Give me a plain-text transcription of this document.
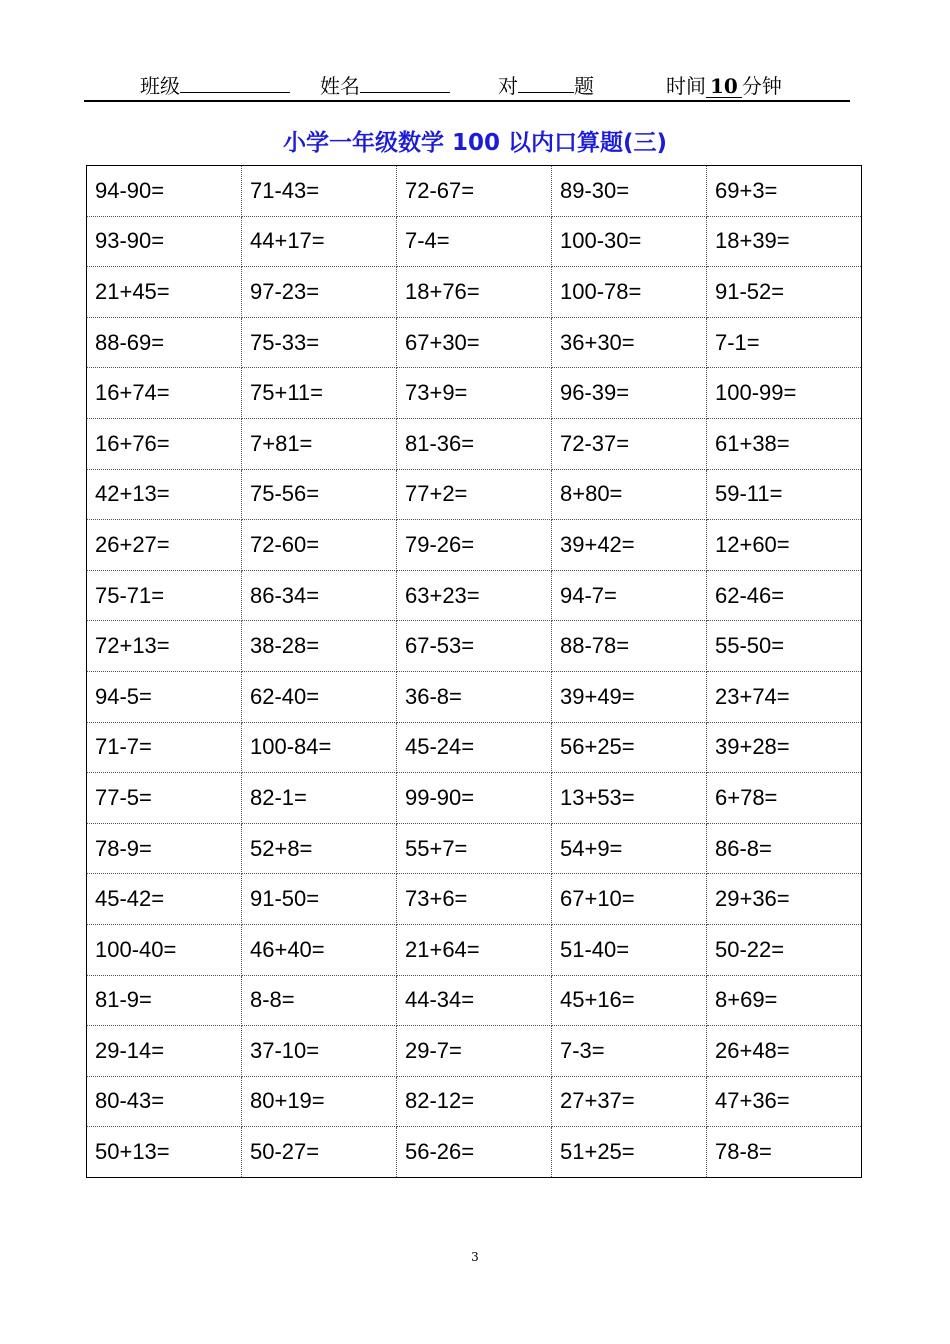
班级	姓名	对	题	时间 10 分钟
小学一年级数学 100 以内口算题(三)
94-90=	71-43=	72-67=	89-30=	69+3=
93-90=	44+17=	7-4=	100-30=	18+39=
21+45=	97-23=	18+76=	100-78=	91-52=
88-69=	75-33=	67+30=	36+30=	7-1=
16+74=	75+11=	73+9=	96-39=	100-99=
16+76=	7+81=	81-36=	72-37=	61+38=
42+13=	75-56=	77+2=	8+80=	59-11=
26+27=	72-60=	79-26=	39+42=	12+60=
75-71=	86-34=	63+23=	94-7=	62-46=
72+13=	38-28=	67-53=	88-78=	55-50=
94-5=	62-40=	36-8=	39+49=	23+74=
71-7=	100-84=	45-24=	56+25=	39+28=
77-5=	82-1=	99-90=	13+53=	6+78=
78-9=	52+8=	55+7=	54+9=	86-8=
45-42=	91-50=	73+6=	67+10=	29+36=
100-40=	46+40=	21+64=	51-40=	50-22=
81-9=	8-8=	44-34=	45+16=	8+69=
29-14=	37-10=	29-7=	7-3=	26+48=
80-43=	80+19=	82-12=	27+37=	47+36=
50+13=	50-27=	56-26=	51+25=	78-8=
3
